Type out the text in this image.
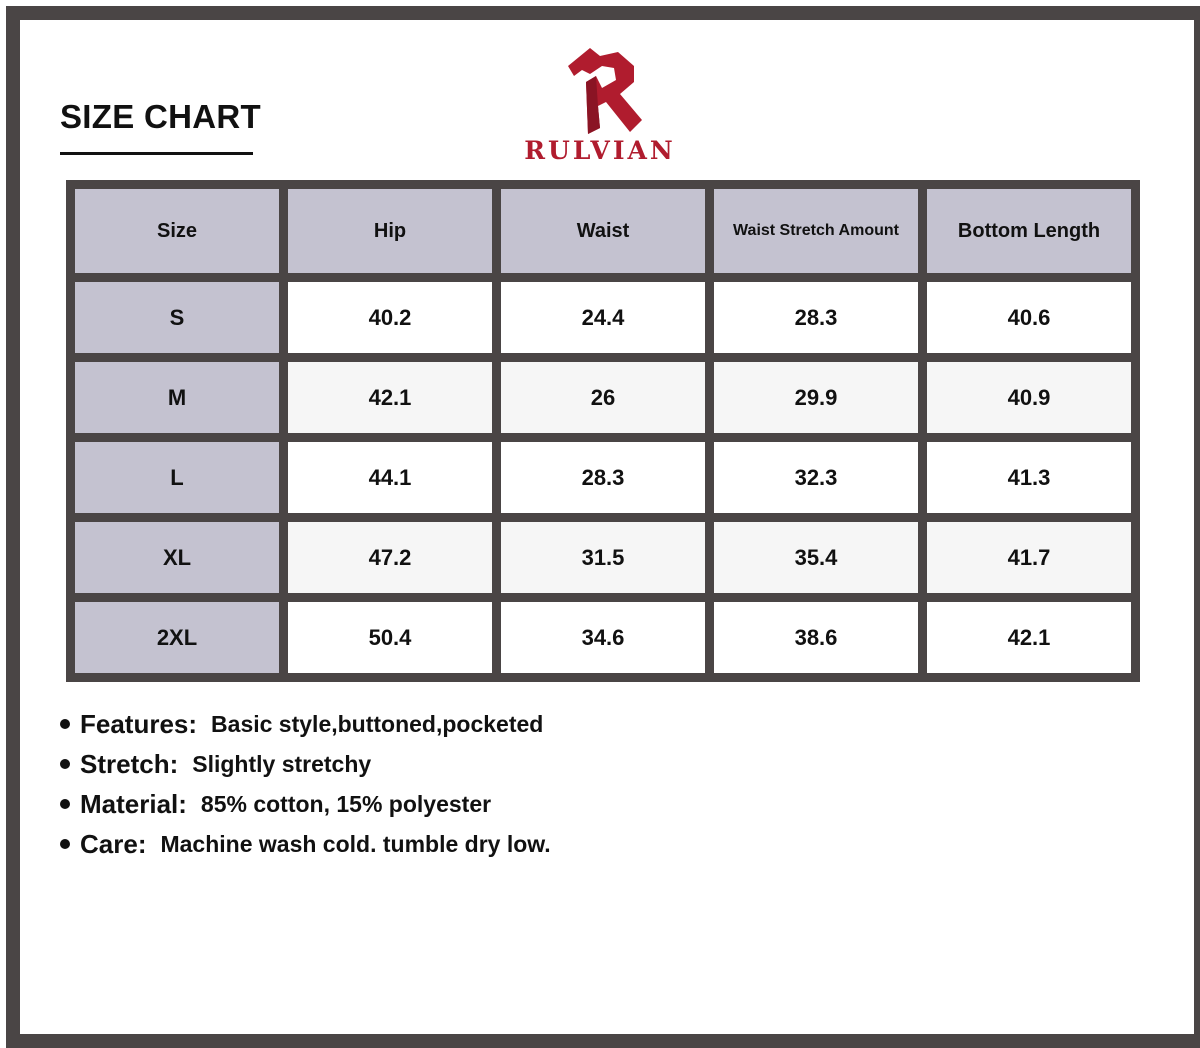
SIZE CHART
RULVIAN
Size	Hip	Waist	Waist Stretch Amount	Bottom Length
S	40.2	24.4	28.3	40.6
M	42.1	26	29.9	40.9
L	44.1	28.3	32.3	41.3
XL	47.2	31.5	35.4	41.7
2XL	50.4	34.6	38.6	42.1
Features: Basic style,buttoned,pocketed
Stretch: Slightly stretchy
Material: 85% cotton, 15% polyester
Care: Machine wash cold. tumble dry low.
